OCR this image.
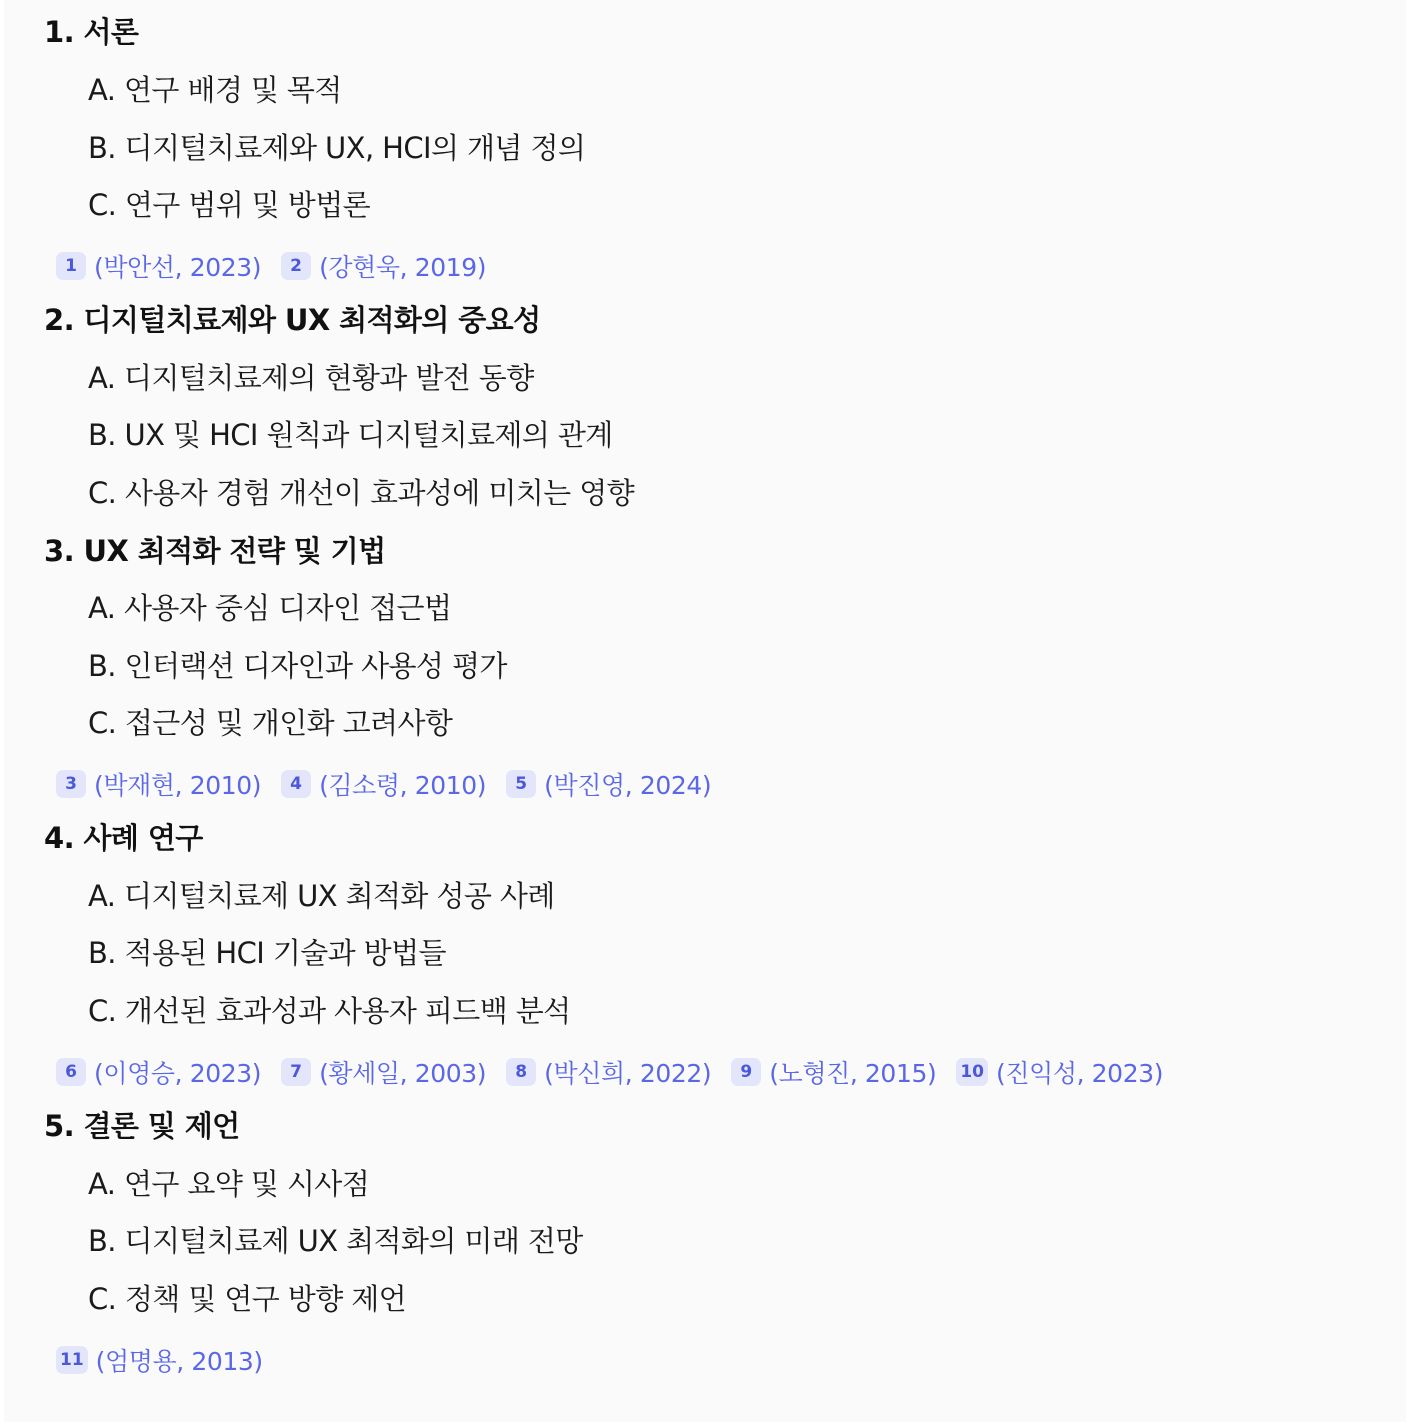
1. 서론

A. 연구 배경 및 목적

B. 디지털치료제와 UX, HCI의 개념 정의

C. 연구 범위 및 방법론

1 (박안선, 2023)	2 (강현욱, 2019)
2. 디지털치료제와 UX 최적화의 중요성

A. 디지털치료제의 현황과 발전 동향

B. UX 및 HCI 원칙과 디지털치료제의 관계

C. 사용자 경험 개선이 효과성에 미치는 영향

3. UX 최적화 전략 및 기법

A. 사용자 중심 디자인 접근법

B. 인터랙션 디자인과 사용성 평가

C. 접근성 및 개인화 고려사항

3 (박재현, 2010)	4 (김소령, 2010)	5 (박진영, 2024)
4. 사례 연구

A. 디지털치료제 UX 최적화 성공 사례

B. 적용된 HCI 기술과 방법들

C. 개선된 효과성과 사용자 피드백 분석

6 (이영승, 2023)	7 (황세일, 2003)	8 (박신희, 2022)	9 (노형진, 2015) 10 (진익성, 2023)
5. 결론 및 제언

A. 연구 요약 및 시사점

B. 디지털치료제 UX 최적화의 미래 전망

C. 정책 및 연구 방향 제언

11 (엄명용, 2013)
